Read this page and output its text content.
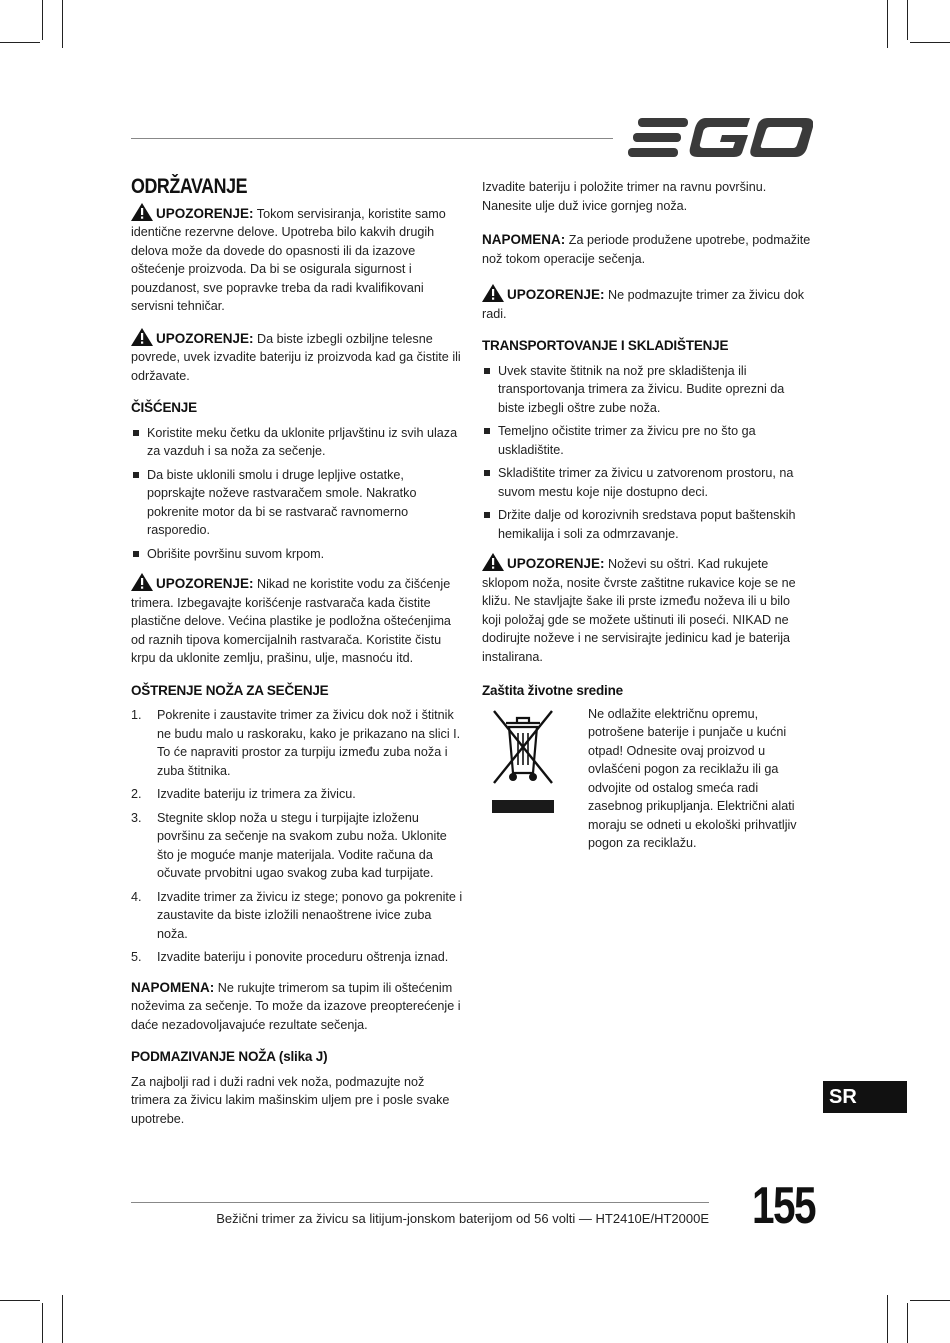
ODRŽAVANJE

UPOZORENJE: Tokom servisiranja, koristite samo identične rezervne delove. Upotreba bilo kakvih drugih delova može da dovede do opasnosti ili da izazove oštećenje proizvoda. Da bi se osigurala sigurnost i pouzdanost, sve popravke treba da radi kvalifikovani servisni tehničar.

UPOZORENJE: Da biste izbegli ozbiljne telesne povrede, uvek izvadite bateriju iz proizvoda kad ga čistite ili održavate.

ČIŠĆENJE
Koristite meku četku da uklonite prljavštinu iz svih ulaza za vazduh i sa noža za sečenje.
Da biste uklonili smolu i druge lepljive ostatke, poprskajte noževe rastvaračem smole. Nakratko pokrenite motor da bi se rastvarač ravnomerno rasporedio.
Obrišite površinu suvom krpom.

UPOZORENJE: Nikad ne koristite vodu za čišćenje trimera. Izbegavajte korišćenje rastvarača kada čistite plastične delove. Većina plastike je podložna oštećenjima od raznih tipova komercijalnih rastvarača. Koristite čistu krpu da uklonite zemlju, prašinu, ulje, masnoću itd.

OŠTRENJE NOŽA ZA SEČENJE
1. Pokrenite i zaustavite trimer za živicu dok nož i štitnik ne budu malo u raskoraku, kako je prikazano na slici I. To će napraviti prostor za turpiju između zuba noža i zuba štitnika.
2. Izvadite bateriju iz trimera za živicu.
3. Stegnite sklop noža u stegu i turpijajte izloženu površinu za sečenje na svakom zubu noža. Uklonite što je moguće manje materijala. Vodite računa da očuvate prvobitni ugao svakog zuba kad turpijate.
4. Izvadite trimer za živicu iz stege; ponovo ga pokrenite i zaustavite da biste izložili nenaoštrene ivice zuba noža.
5. Izvadite bateriju i ponovite proceduru oštrenja iznad.

NAPOMENA: Ne rukujte trimerom sa tupim ili oštećenim noževima za sečenje. To može da izazove preopterećenje i daće nezadovoljavajuće rezultate sečenja.

PODMAZIVANJE NOŽA (slika J)

Za najbolji rad i duži radni vek noža, podmazujte nož trimera za živicu lakim mašinskim uljem pre i posle svake upotrebe.

Izvadite bateriju i položite trimer na ravnu površinu. Nanesite ulje duž ivice gornjeg noža.

NAPOMENA: Za periode produžene upotrebe, podmažite nož tokom operacije sečenja.

UPOZORENJE: Ne podmazujte trimer za živicu dok radi.

TRANSPORTOVANJE I SKLADIŠTENJE
Uvek stavite štitnik na nož pre skladištenja ili transportovanja trimera za živicu. Budite oprezni da biste izbegli oštre zube noža.
Temeljno očistite trimer za živicu pre no što ga uskladištite.
Skladištite trimer za živicu u zatvorenom prostoru, na suvom mestu koje nije dostupno deci.
Držite dalje od korozivnih sredstava poput baštenskih hemikalija i soli za odmrzavanje.

UPOZORENJE: Noževi su oštri. Kad rukujete sklopom noža, nosite čvrste zaštitne rukavice koje se ne kližu. Ne stavljajte šake ili prste između noževa ili u bilo koji položaj gde se možete uštinuti ili poseći. NIKAD ne dodirujte noževe i ne servisirajte jedinicu kad je baterija instalirana.

Zaštita životne sredine

Ne odlažite električnu opremu, potrošene baterije i punjače u kućni otpad! Odnesite ovaj proizvod u ovlašćeni pogon za reciklažu ili ga odvojite od ostalog smeća radi zasebnog prikupljanja. Električni alati moraju se odneti u ekološki prihvatljiv pogon za reciklažu.

SR
155
Bežični trimer za živicu sa litijum-jonskom baterijom od 56 volti — HT2410E/HT2000E
